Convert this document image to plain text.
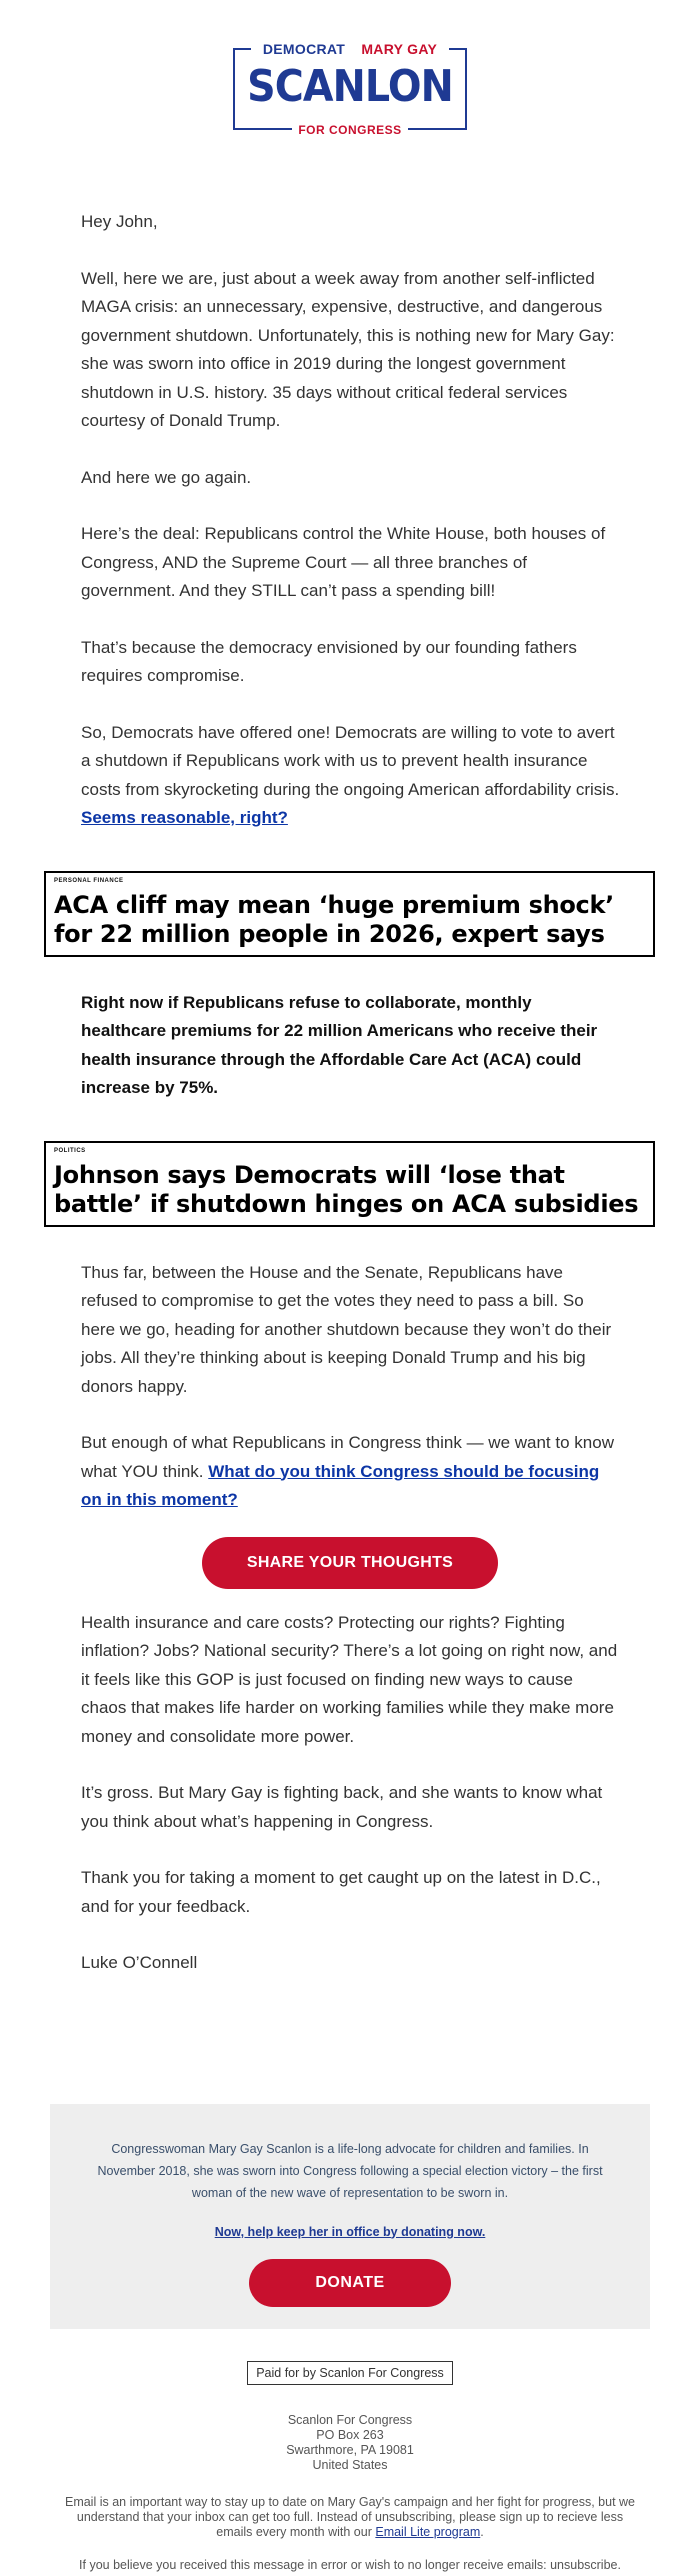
DEMOCRAT MARY GAY
SCANLON
FOR CONGRESS

Hey John,

Well, here we are, just about a week away from another self-inflicted MAGA crisis: an unnecessary, expensive, destructive, and dangerous government shutdown. Unfortunately, this is nothing new for Mary Gay: she was sworn into office in 2019 during the longest government shutdown in U.S. history. 35 days without critical federal services courtesy of Donald Trump.

And here we go again.

Here’s the deal: Republicans control the White House, both houses of Congress, AND the Supreme Court — all three branches of government. And they STILL can’t pass a spending bill!

That’s because the democracy envisioned by our founding fathers requires compromise.

So, Democrats have offered one! Democrats are willing to vote to avert a shutdown if Republicans work with us to prevent health insurance costs from skyrocketing during the ongoing American affordability crisis. Seems reasonable, right?

PERSONAL FINANCE
ACA cliff may mean ‘huge premium shock’ for 22 million people in 2026, expert says

Right now if Republicans refuse to collaborate, monthly healthcare premiums for 22 million Americans who receive their health insurance through the Affordable Care Act (ACA) could increase by 75%.

POLITICS
Johnson says Democrats will ‘lose that battle’ if shutdown hinges on ACA subsidies

Thus far, between the House and the Senate, Republicans have refused to compromise to get the votes they need to pass a bill. So here we go, heading for another shutdown because they won’t do their jobs. All they’re thinking about is keeping Donald Trump and his big donors happy.

But enough of what Republicans in Congress think — we want to know what YOU think. What do you think Congress should be focusing on in this moment?

SHARE YOUR THOUGHTS

Health insurance and care costs? Protecting our rights? Fighting inflation? Jobs? National security? There’s a lot going on right now, and it feels like this GOP is just focused on finding new ways to cause chaos that makes life harder on working families while they make more money and consolidate more power.

It’s gross. But Mary Gay is fighting back, and she wants to know what you think about what’s happening in Congress.

Thank you for taking a moment to get caught up on the latest in D.C., and for your feedback.

Luke O’Connell

Congresswoman Mary Gay Scanlon is a life-long advocate for children and families. In November 2018, she was sworn into Congress following a special election victory – the first woman of the new wave of representation to be sworn in.

Now, help keep her in office by donating now.
DONATE
Paid for by Scanlon For Congress
Scanlon For Congress
PO Box 263
Swarthmore, PA 19081
United States

Email is an important way to stay up to date on Mary Gay's campaign and her fight for progress, but we understand that your inbox can get too full. Instead of unsubscribing, please sign up to recieve less emails every month with our Email Lite program.

If you believe you received this message in error or wish to no longer receive emails: unsubscribe.
